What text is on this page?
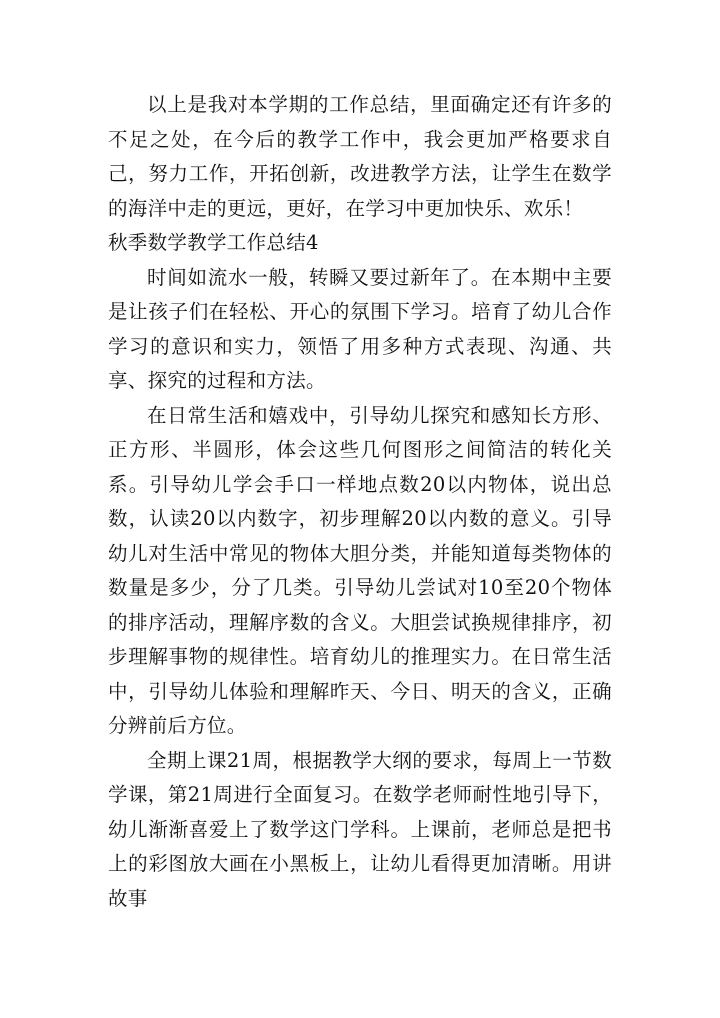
以上是我对本学期的工作总结，里面确定还有许多的不足之处，在今后的教学工作中，我会更加严格要求自己，努力工作，开拓创新，改进教学方法，让学生在数学的海洋中走的更远，更好，在学习中更加快乐、欢乐！

秋季数学教学工作总结4

时间如流水一般，转瞬又要过新年了。在本期中主要是让孩子们在轻松、开心的氛围下学习。培育了幼儿合作学习的意识和实力，领悟了用多种方式表现、沟通、共享、探究的过程和方法。

在日常生活和嬉戏中，引导幼儿探究和感知长方形、正方形、半圆形，体会这些几何图形之间简洁的转化关系。引导幼儿学会手口一样地点数20以内物体，说出总数，认读20以内数字，初步理解20以内数的意义。引导幼儿对生活中常见的物体大胆分类，并能知道每类物体的数量是多少，分了几类。引导幼儿尝试对10至20个物体的排序活动，理解序数的含义。大胆尝试换规律排序，初步理解事物的规律性。培育幼儿的推理实力。在日常生活中，引导幼儿体验和理解昨天、今日、明天的含义，正确分辨前后方位。

全期上课21周，根据教学大纲的要求，每周上一节数学课，第21周进行全面复习。在数学老师耐性地引导下，幼儿渐渐喜爱上了数学这门学科。上课前，老师总是把书上的彩图放大画在小黑板上，让幼儿看得更加清晰。用讲故事
